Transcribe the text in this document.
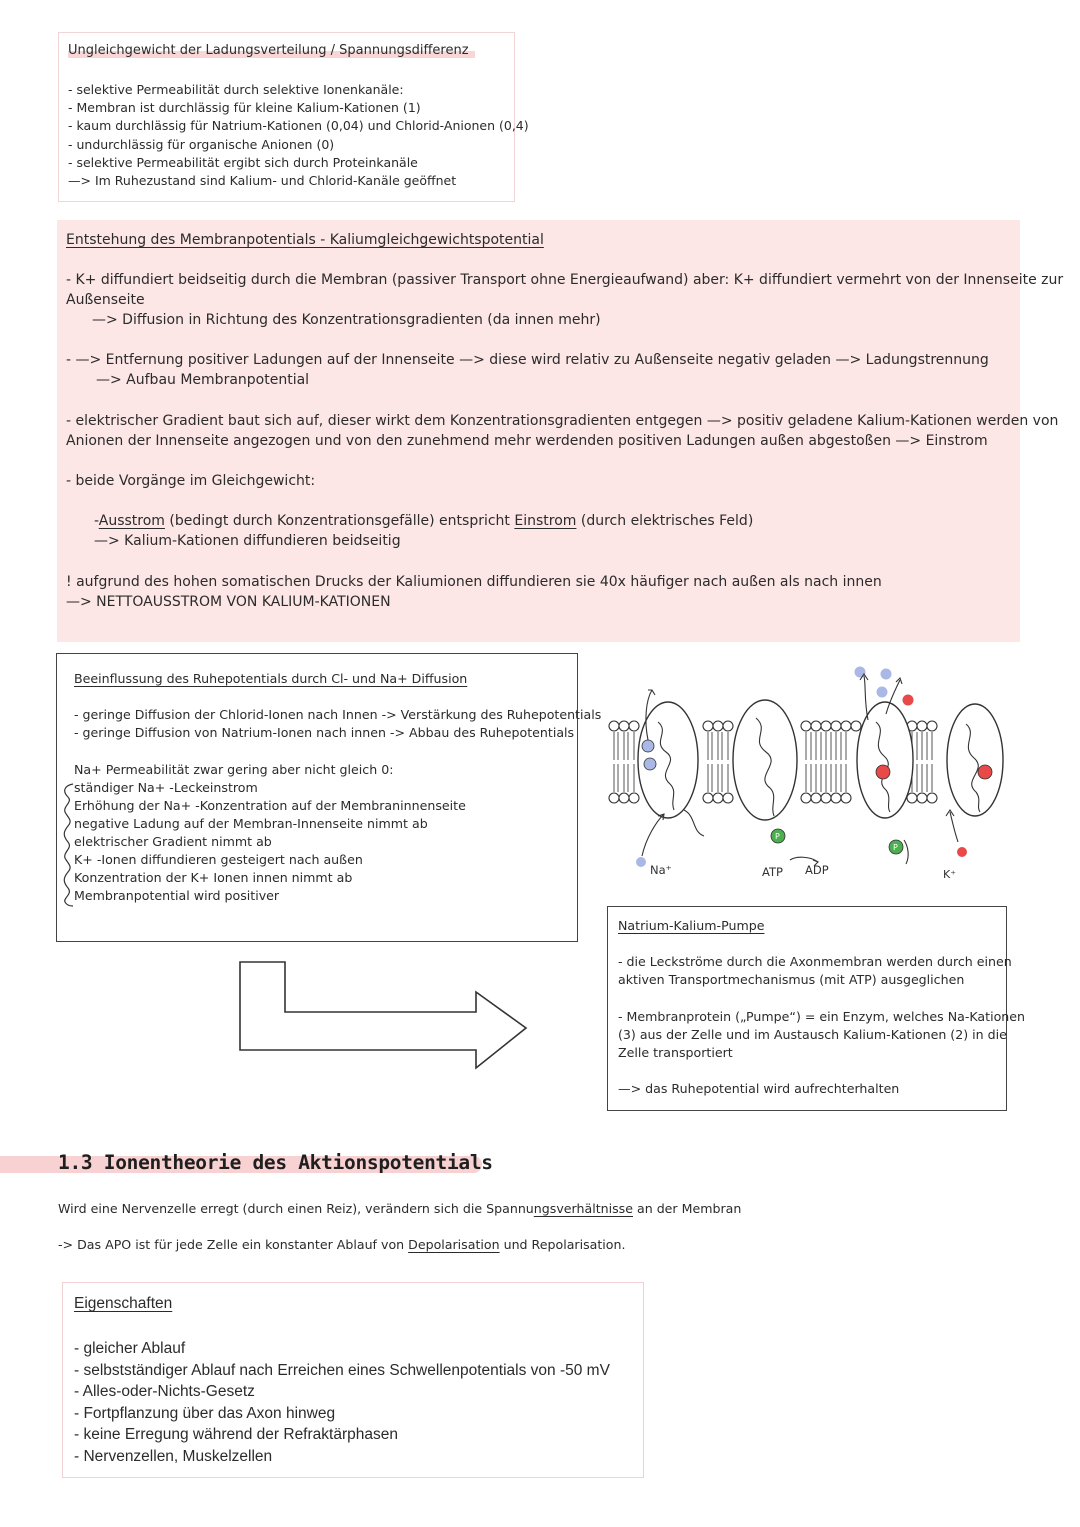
Ungleichgewicht der Ladungsverteilung / Spannungsdifferenz
- selektive Permeabilität durch selektive Ionenkanäle:
- Membran ist durchlässig für kleine Kalium-Kationen (1)
- kaum durchlässig für Natrium-Kationen (0,04) und Chlorid-Anionen (0,4)
- undurchlässig für organische Anionen (0)
- selektive Permeabilität ergibt sich durch Proteinkanäle
—> Im Ruhezustand sind Kalium- und Chlorid-Kanäle geöffnet
Entstehung des Membranpotentials - Kaliumgleichgewichtspotential
- K+ diffundiert beidseitig durch die Membran (passiver Transport ohne Energieaufwand) aber: K+ diffundiert vermehrt von der Innenseite zur
Außenseite
—> Diffusion in Richtung des Konzentrationsgradienten (da innen mehr)
- —> Entfernung positiver Ladungen auf der Innenseite —> diese wird relativ zu Außenseite negativ geladen —> Ladungstrennung
—> Aufbau Membranpotential
- elektrischer Gradient baut sich auf, dieser wirkt dem Konzentrationsgradienten entgegen —> positiv geladene Kalium-Kationen werden von
Anionen der Innenseite angezogen und von den zunehmend mehr werdenden positiven Ladungen außen abgestoßen —> Einstrom
- beide Vorgänge im Gleichgewicht:
-Ausstrom (bedingt durch Konzentrationsgefälle) entspricht Einstrom (durch elektrisches Feld)
—> Kalium-Kationen diffundieren beidseitig
! aufgrund des hohen somatischen Drucks der Kaliumionen diffundieren sie 40x häufiger nach außen als nach innen
—> NETTOAUSSTROM VON KALIUM-KATIONEN
Beeinflussung des Ruhepotentials durch Cl- und Na+ Diffusion
- geringe Diffusion der Chlorid-Ionen nach Innen -> Verstärkung des Ruhepotentials
- geringe Diffusion von Natrium-Ionen nach innen -> Abbau des Ruhepotentials
Na+ Permeabilität zwar gering aber nicht gleich 0:
ständiger Na+ -Leckeinstrom
Erhöhung der Na+ -Konzentration auf der Membraninnenseite
negative Ladung auf der Membran-Innenseite nimmt ab
elektrischer Gradient nimmt ab
K+ -Ionen diffundieren gesteigert nach außen
Konzentration der K+ Ionen innen nimmt ab
Membranpotential wird positiver
Na⁺	ATP ADP	K⁺
P
P
Natrium-Kalium-Pumpe
- die Leckströme durch die Axonmembran werden durch einen
aktiven Transportmechanismus (mit ATP) ausgeglichen
- Membranprotein („Pumpe“) = ein Enzym, welches Na-Kationen
(3) aus der Zelle und im Austausch Kalium-Kationen (2) in die
Zelle transportiert
—> das Ruhepotential wird aufrechterhalten
1.3 Ionentheorie des Aktionspotentials
Wird eine Nervenzelle erregt (durch einen Reiz), verändern sich die Spannungsverhältnisse an der Membran
-> Das APO ist für jede Zelle ein konstanter Ablauf von Depolarisation und Repolarisation.
Eigenschaften
- gleicher Ablauf
- selbstständiger Ablauf nach Erreichen eines Schwellenpotentials von -50 mV
- Alles-oder-Nichts-Gesetz
- Fortpflanzung über das Axon hinweg
- keine Erregung während der Refraktärphasen
- Nervenzellen, Muskelzellen
